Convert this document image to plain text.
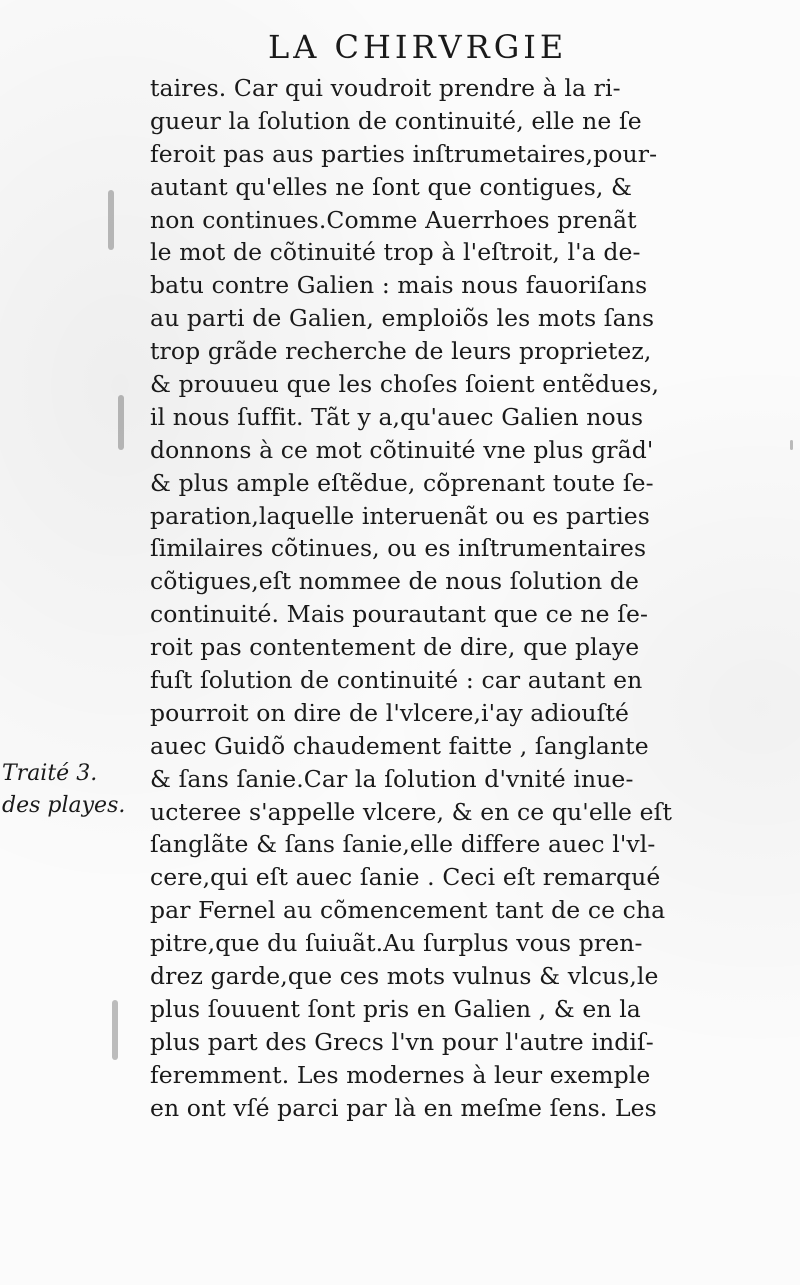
LA CHIRVRGIE
taires. Car qui voudroit prendre à la ri-
gueur la ſolution de continuité, elle ne ſe
feroit pas aus parties inſtrumetaires,pour-
autant qu'elles ne ſont que contigues, &
non continues.Comme Auerrhoes prenãt
le mot de cõtinuité trop à l'eſtroit, l'a de-
batu contre Galien : mais nous fauoriſans
au parti de Galien, emploiõs les mots ſans
trop grãde recherche de leurs proprietez,
& prouueu que les choſes ſoient entẽdues,
il nous ſuffit. Tãt y a,qu'auec Galien nous
donnons à ce mot cõtinuité vne plus grãd'
& plus ample eſtẽdue, cõprenant toute ſe-
paration,laquelle interuenãt ou es parties
ſimilaires cõtinues, ou es inſtrumentaires
cõtigues,eſt nommee de nous ſolution de
continuité. Mais pourautant que ce ne ſe-
roit pas contentement de dire, que playe
fuſt ſolution de continuité : car autant en
pourroit on dire de l'vlcere,i'ay adiouſté
auec Guidõ chaudement faitte , ſanglante
& ſans ſanie.Car la ſolution d'vnité inue-
ucteree s'appelle vlcere, & en ce qu'elle eſt
ſanglãte & ſans ſanie,elle differe auec l'vl-
cere,qui eſt auec ſanie . Ceci eſt remarqué
par Fernel au cõmencement tant de ce cha
pitre,que du ſuiuãt.Au ſurplus vous pren-
drez garde,que ces mots vulnus & vlcus,le
plus ſouuent ſont pris en Galien , & en la
plus part des Grecs l'vn pour l'autre indiſ-
feremment. Les modernes à leur exemple
en ont vſé parci par là en meſme ſens. Les
Traité 3.
des playes.
